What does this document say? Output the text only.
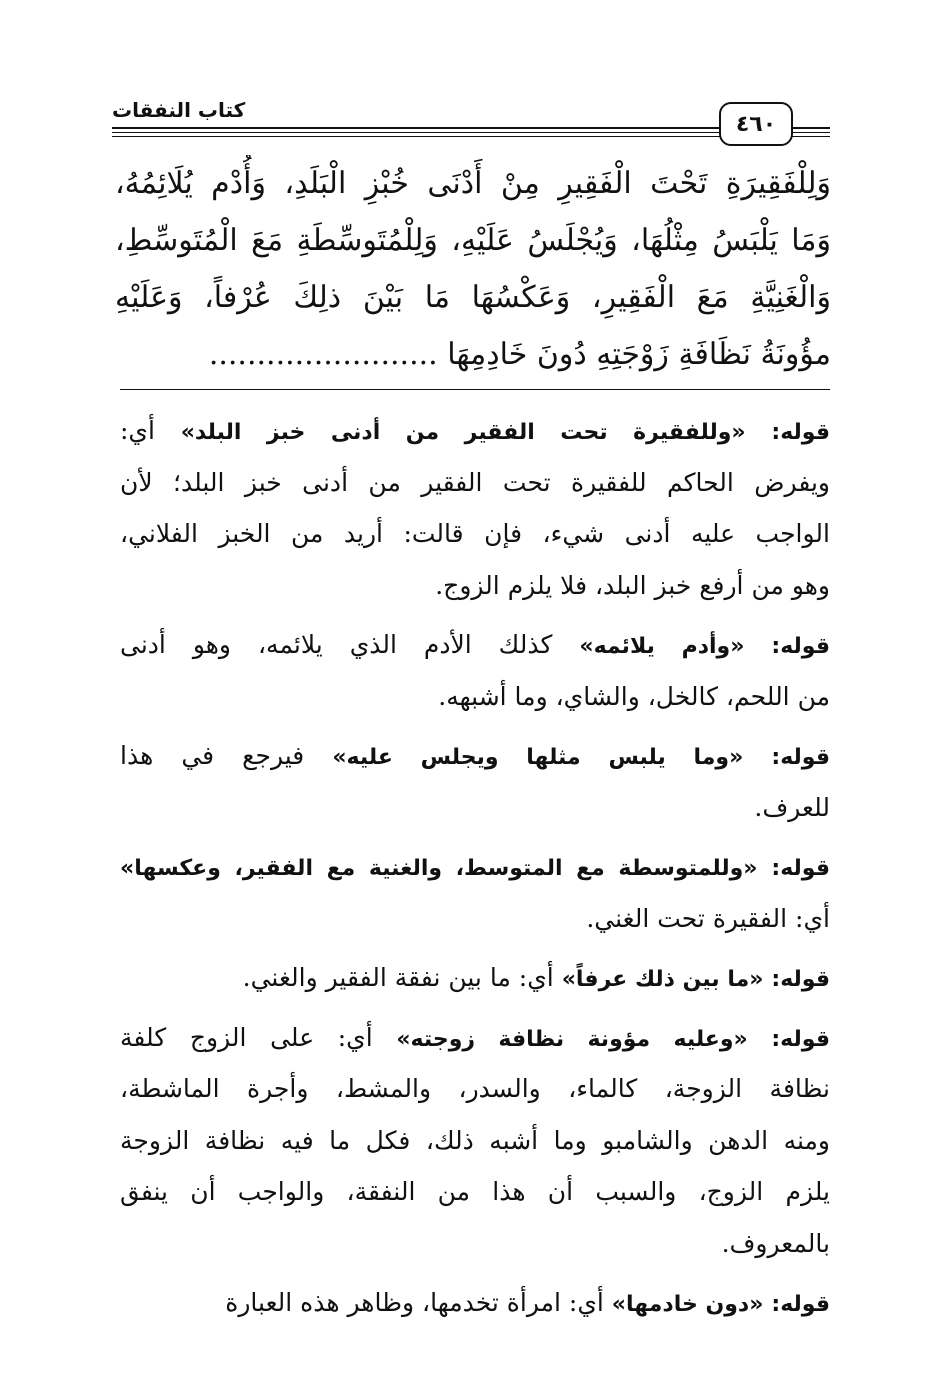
كتاب النفقات
٤٦٠
وَلِلْفَقِيرَةِ تَحْتَ الْفَقِيرِ مِنْ أَدْنَى خُبْزِ الْبَلَدِ، وَأُدْم يُلَائِمُهُ،
وَمَا يَلْبَسُ مِثْلُهَا، وَيُجْلَسُ عَلَيْهِ، وَلِلْمُتَوسِّطَةِ مَعَ الْمُتَوسِّطِ،
وَالْغَنِيَّةِ مَعَ الْفَقِيرِ، وَعَكْسُهَا مَا بَيْنَ ذلِكَ عُرْفاً، وَعَلَيْهِ
مؤُونَةُ نَظَافَةِ زَوْجَتِهِ دُونَ خَادِمِهَا ........................
قوله: «وللفقيرة تحت الفقير من أدنى خبز البلد» أي:
ويفرض الحاكم للفقيرة تحت الفقير من أدنى خبز البلد؛ لأن
الواجب عليه أدنى شيء، فإن قالت: أريد من الخبز الفلاني،
وهو من أرفع خبز البلد، فلا يلزم الزوج.
قوله: «وأدم يلائمه» كذلك الأدم الذي يلائمه، وهو أدنى
من اللحم، كالخل، والشاي، وما أشبهه.
قوله: «وما يلبس مثلها ويجلس عليه» فيرجع في هذا
للعرف.
قوله: «وللمتوسطة مع المتوسط، والغنية مع الفقير، وعكسها»
أي: الفقيرة تحت الغني.
قوله: «ما بين ذلك عرفاً» أي: ما بين نفقة الفقير والغني.
قوله: «وعليه مؤونة نظافة زوجته» أي: على الزوج كلفة
نظافة الزوجة، كالماء، والسدر، والمشط، وأجرة الماشطة،
ومنه الدهن والشامبو وما أشبه ذلك، فكل ما فيه نظافة الزوجة
يلزم الزوج، والسبب أن هذا من النفقة، والواجب أن ينفق
بالمعروف.
قوله: «دون خادمها» أي: امرأة تخدمها، وظاهر هذه العبارة
